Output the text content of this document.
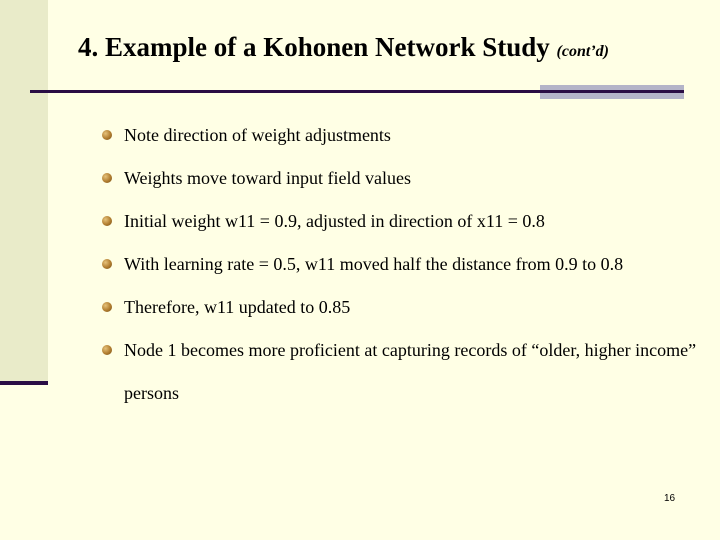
4. Example of a Kohonen Network Study (cont’d)
Note direction of weight adjustments
Weights move toward input field values
Initial weight w11 = 0.9, adjusted in direction of x11 = 0.8
With learning rate = 0.5, w11 moved half the distance from 0.9 to 0.8
Therefore, w11 updated to 0.85
Node 1 becomes more proficient at capturing records of “older, higher income” persons
16
